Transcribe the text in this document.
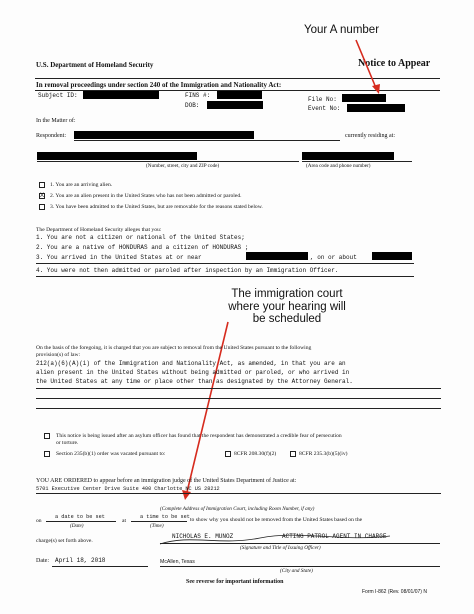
U.S. Department of Homeland Security	Notice to Appear
Your A number
In removal proceedings under section 240 of the Immigration and Nationality Act:
Subject ID:	FINS #:
DOB:
File No:
Event No:
In the Matter of:
Respondent:	currently residing at:
(Number, street, city and ZIP code)	(Area code and phone number)
1. You are an arriving alien.
X 2. You are an alien present in the United States who has not been admitted or paroled.
3. You have been admitted to the United States, but are removable for the reasons stated below.
The Department of Homeland Security alleges that you:
1. You are not a citizen or national of the United States;
2. You are a native of HONDURAS and a citizen of HONDURAS ;
3. You arrived in the United States at or near	, on or about
4. You were not then admitted or paroled after inspection by an Immigration Officer.
The immigration court
where your hearing will
be scheduled
On the basis of the foregoing, it is charged that you are subject to removal from the United States pursuant to the following
provision(s) of law:
212(a)(6)(A)(i) of the Immigration and Nationality Act, as amended, in that you are an
alien present in the United States without being admitted or paroled, or who arrived in
the United States at any time or place other than as designated by the Attorney General.
This notice is being issued after an asylum officer has found that the respondent has demonstrated a credible fear of persecution
or torture.
Section 235(b)(1) order was vacated pursuant to:	8CFR 208.30(f)(2)	8CFR 235.3(b)(5)(iv)
YOU ARE ORDERED to appear before an immigration judge of the United States Department of Justice at:
5701 Executive Center Drive Suite 400 Charlotte NC US 28212
(Complete Address of Immigration Court, including Room Number, if any)
on
a date to be set
at
a time to be set to show why you should not be removed from the United States based on the
(Date)	(Time)
charge(s) set forth above.
NICHOLAS E. MUNOZ	ACTING PATROL AGENT IN CHARGE
(Signature and Title of Issuing Officer)
Date: April 18, 2018	McAllen, Texas
(City and State)
See reverse for important information
Form I-862 (Rev. 08/01/07) N
